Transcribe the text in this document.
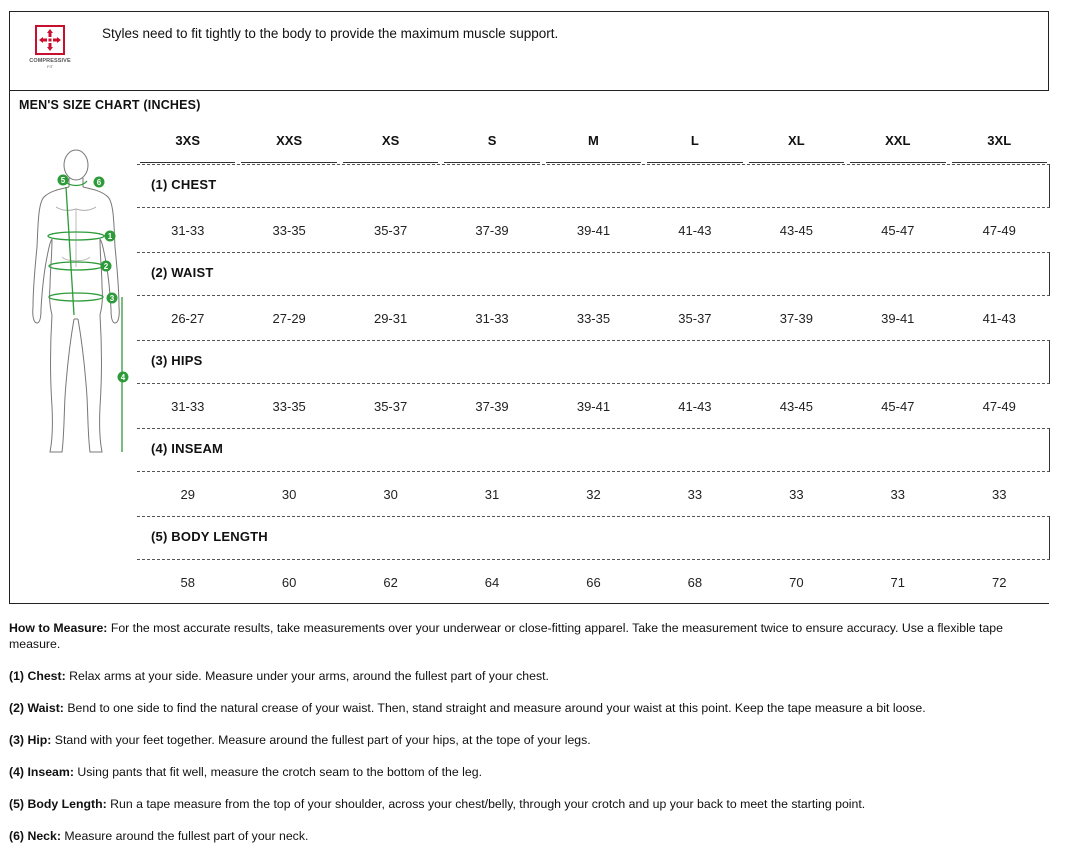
COMPRESSIVE
FIT
Styles need to fit tightly to the body to provide the maximum muscle support.
MEN'S SIZE CHART (INCHES)
1
2
3
4
5	6
3XS	XXS	XS	S	M	L	XL	XXL	3XL
(1) CHEST
31-33	33-35	35-37	37-39	39-41	41-43	43-45	45-47	47-49
(2) WAIST
26-27	27-29	29-31	31-33	33-35	35-37	37-39	39-41	41-43
(3) HIPS
31-33	33-35	35-37	37-39	39-41	41-43	43-45	45-47	47-49
(4) INSEAM
29	30	30	31	32	33	33	33	33
(5) BODY LENGTH
58	60	62	64	66	68	70	71	72
How to Measure: For the most accurate results, take measurements over your underwear or close-fitting apparel. Take the measurement twice to ensure accuracy. Use a flexible tape measure.
(1) Chest: Relax arms at your side. Measure under your arms, around the fullest part of your chest.
(2) Waist: Bend to one side to find the natural crease of your waist. Then, stand straight and measure around your waist at this point. Keep the tape measure a bit loose.
(3) Hip: Stand with your feet together. Measure around the fullest part of your hips, at the tope of your legs.
(4) Inseam: Using pants that fit well, measure the crotch seam to the bottom of the leg.
(5) Body Length: Run a tape measure from the top of your shoulder, across your chest/belly, through your crotch and up your back to meet the starting point.
(6) Neck: Measure around the fullest part of your neck.
